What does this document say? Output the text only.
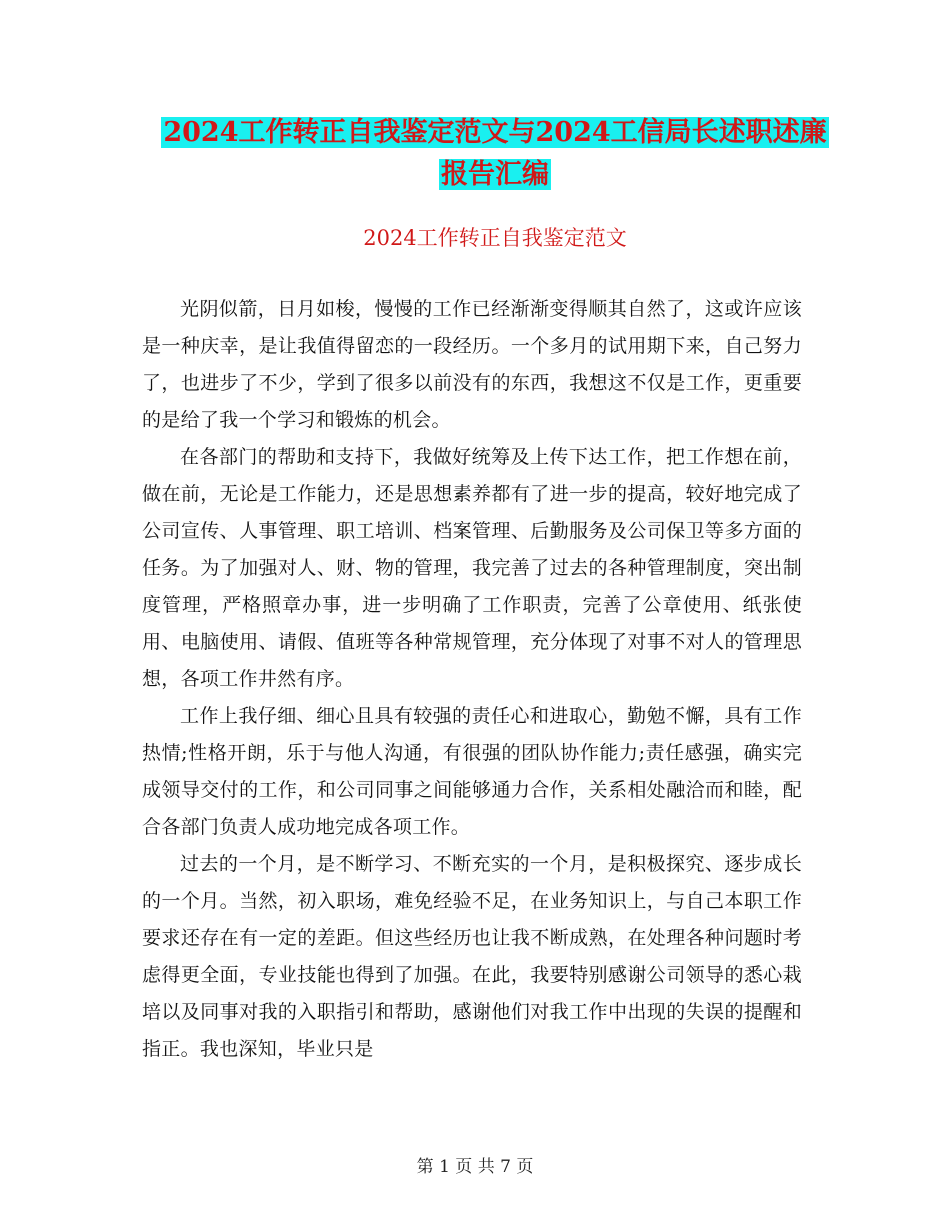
2024工作转正自我鉴定范文与2024工信局长述职述廉
报告汇编
2024工作转正自我鉴定范文

光阴似箭，日月如梭，慢慢的工作已经渐渐变得顺其自然了，这或许应该是一种庆幸，是让我值得留恋的一段经历。一个多月的试用期下来，自己努力了，也进步了不少，学到了很多以前没有的东西，我想这不仅是工作，更重要的是给了我一个学习和锻炼的机会。

在各部门的帮助和支持下，我做好统筹及上传下达工作，把工作想在前，做在前，无论是工作能力，还是思想素养都有了进一步的提高，较好地完成了公司宣传、人事管理、职工培训、档案管理、后勤服务及公司保卫等多方面的任务。为了加强对人、财、物的管理，我完善了过去的各种管理制度，突出制度管理，严格照章办事，进一步明确了工作职责，完善了公章使用、纸张使用、电脑使用、请假、值班等各种常规管理，充分体现了对事不对人的管理思想，各项工作井然有序。

工作上我仔细、细心且具有较强的责任心和进取心，勤勉不懈，具有工作热情;性格开朗，乐于与他人沟通，有很强的团队协作能力;责任感强，确实完成领导交付的工作，和公司同事之间能够通力合作，关系相处融洽而和睦，配合各部门负责人成功地完成各项工作。

过去的一个月，是不断学习、不断充实的一个月，是积极探究、逐步成长的一个月。当然，初入职场，难免经验不足，在业务知识上，与自己本职工作要求还存在有一定的差距。但这些经历也让我不断成熟，在处理各种问题时考虑得更全面，专业技能也得到了加强。在此，我要特别感谢公司领导的悉心栽培以及同事对我的入职指引和帮助，感谢他们对我工作中出现的失误的提醒和指正。我也深知，毕业只是

第 1 页 共 7 页
